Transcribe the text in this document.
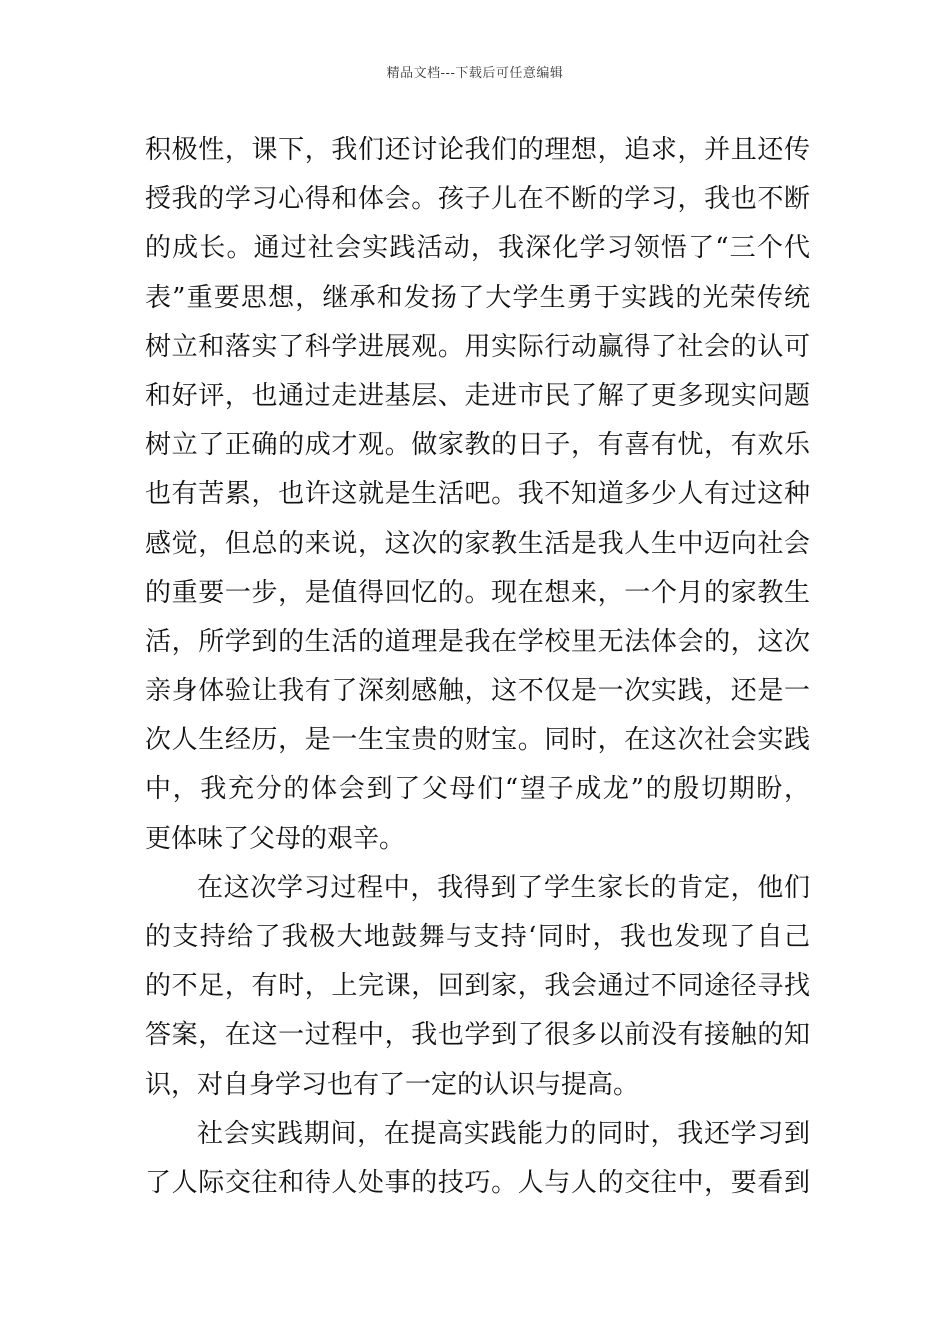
精品文档---下载后可任意编辑
积极性，课下，我们还讨论我们的理想，追求，并且还传
授我的学习心得和体会。孩子儿在不断的学习，我也不断
的成长。通过社会实践活动，我深化学习领悟了“三个代
表”重要思想，继承和发扬了大学生勇于实践的光荣传统
树立和落实了科学进展观。用实际行动赢得了社会的认可
和好评，也通过走进基层、走进市民了解了更多现实问题
树立了正确的成才观。做家教的日子，有喜有忧，有欢乐
也有苦累，也许这就是生活吧。我不知道多少人有过这种
感觉，但总的来说，这次的家教生活是我人生中迈向社会
的重要一步，是值得回忆的。现在想来，一个月的家教生
活，所学到的生活的道理是我在学校里无法体会的，这次
亲身体验让我有了深刻感触，这不仅是一次实践，还是一
次人生经历，是一生宝贵的财宝。同时，在这次社会实践
中，我充分的体会到了父母们“望子成龙”的殷切期盼，
更体味了父母的艰辛。
在这次学习过程中，我得到了学生家长的肯定，他们
的支持给了我极大地鼓舞与支持‘同时，我也发现了自己
的不足，有时，上完课，回到家，我会通过不同途径寻找
答案，在这一过程中，我也学到了很多以前没有接触的知
识，对自身学习也有了一定的认识与提高。
社会实践期间，在提高实践能力的同时，我还学习到
了人际交往和待人处事的技巧。人与人的交往中，要看到
